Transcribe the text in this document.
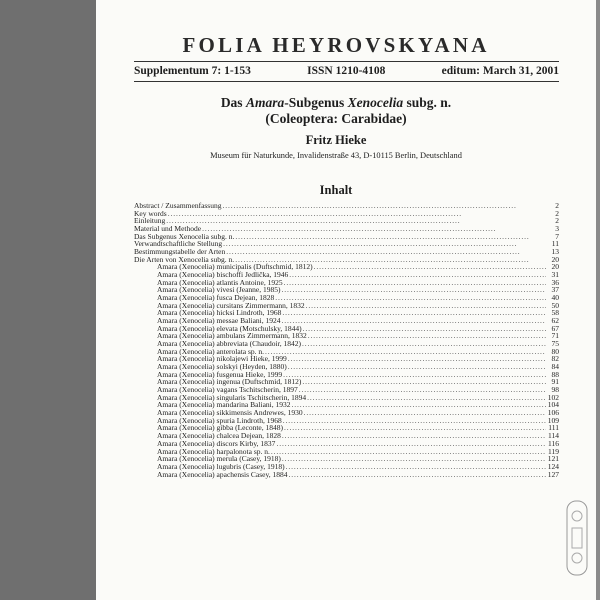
FOLIA HEYROVSKYANA
Supplementum 7: 1-153	ISSN 1210-4108	editum: March 31, 2001
Das Amara-Subgenus Xenocelia subg. n.
(Coleoptera: Carabidae)
Fritz Hieke
Museum für Naturkunde, Invalidenstraße 43, D-10115 Berlin, Deutschland
Inhalt
Abstract / Zusammenfassung . . .	2
Key words . . .	2
Einleitung . . .	2
Material und Methode . . .	3
Das Subgenus Xenocelia subg. n. . . .	7
Verwandtschaftliche Stellung . . .	11
Bestimmungstabelle der Arten . . .	13
Die Arten von Xenocelia subg. n. . . .	20
Amara (Xenocelia) municipalis (Duftschmid, 1812) . . .	20
Amara (Xenocelia) bischoffi Jedlička, 1946 . . .	31
Amara (Xenocelia) atlantis Antoine, 1925 . . .	36
Amara (Xenocelia) vivesi (Jeanne, 1985) . . .	37
Amara (Xenocelia) fusca Dejean, 1828 . . .	40
Amara (Xenocelia) cursitans Zimmermann, 1832 . . .	50
Amara (Xenocelia) hicksi Lindroth, 1968 . . .	58
Amara (Xenocelia) messae Baliani, 1924 . . .	62
Amara (Xenocelia) elevata (Motschulsky, 1844) . . .	67
Amara (Xenocelia) ambulans Zimmermann, 1832 . . .	71
Amara (Xenocelia) abbreviata (Chaudoir, 1842) . . .	75
Amara (Xenocelia) anterolata sp. n. . . .	80
Amara (Xenocelia) nikolajewi Hieke, 1999 . . .	82
Amara (Xenocelia) solskyi (Heyden, 1880) . . .	84
Amara (Xenocelia) fusgenua Hieke, 1999 . . .	88
Amara (Xenocelia) ingenua (Duftschmid, 1812) . . .	91
Amara (Xenocelia) vagans Tschitscherin, 1897 . . .	98
Amara (Xenocelia) singularis Tschitscherin, 1894 . . .	102
Amara (Xenocelia) mandarina Baliani, 1932 . . .	104
Amara (Xenocelia) sikkimensis Andrewes, 1930 . . .	106
Amara (Xenocelia) spuria Lindroth, 1968 . . .	109
Amara (Xenocelia) gibba (Leconte, 1848) . . .	111
Amara (Xenocelia) chalcea Dejean, 1828 . . .	114
Amara (Xenocelia) discors Kirby, 1837 . . .	116
Amara (Xenocelia) harpalonota sp. n. . . .	119
Amara (Xenocelia) merula (Casey, 1918) . . .	121
Amara (Xenocelia) lugubris (Casey, 1918) . . .	124
Amara (Xenocelia) apachensis Casey, 1884 . . .	127
